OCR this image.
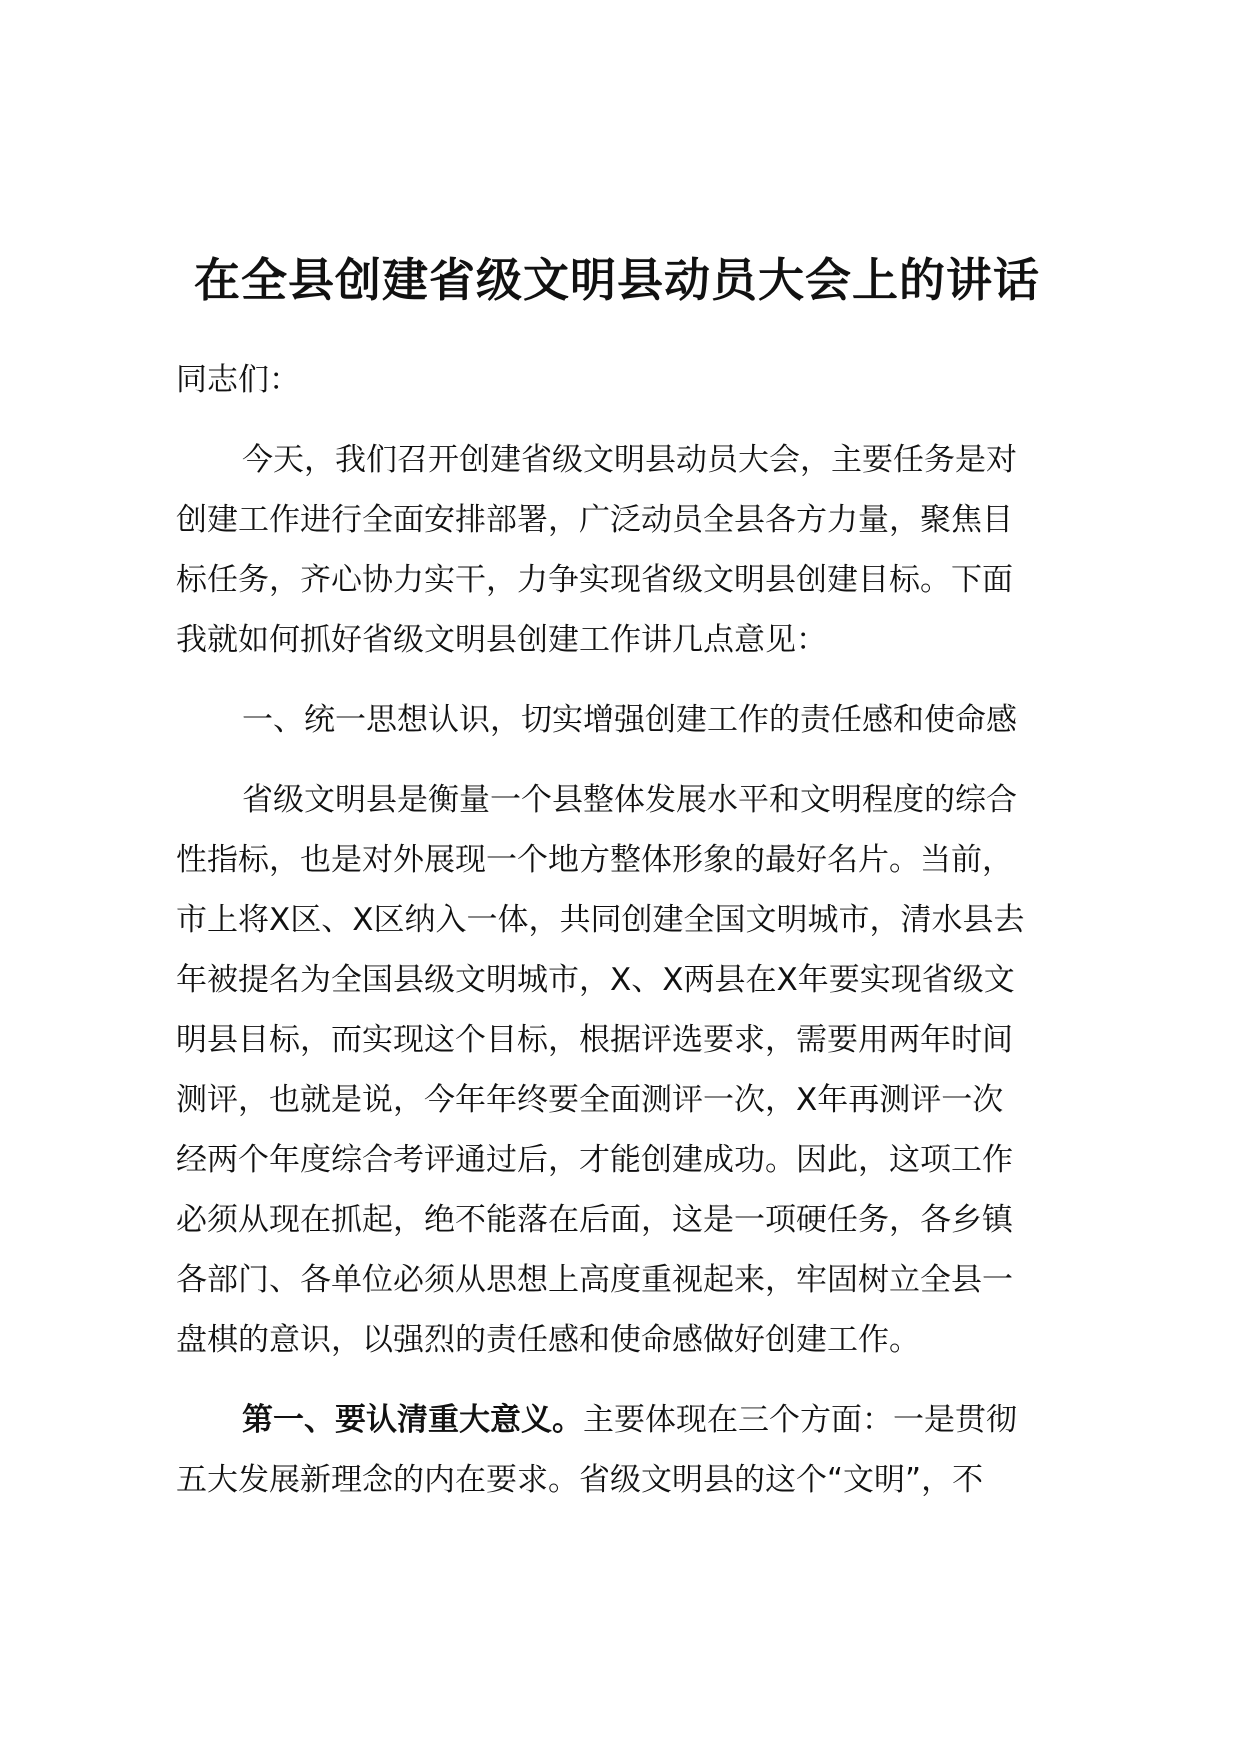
在全县创建省级文明县动员大会上的讲话
同志们：
今天，我们召开创建省级文明县动员大会，主要任务是对
创建工作进行全面安排部署，广泛动员全县各方力量，聚焦目
标任务，齐心协力实干，力争实现省级文明县创建目标。下面
我就如何抓好省级文明县创建工作讲几点意见：
一、统一思想认识，切实增强创建工作的责任感和使命感
省级文明县是衡量一个县整体发展水平和文明程度的综合
性指标，也是对外展现一个地方整体形象的最好名片。当前，
市上将X区、X区纳入一体，共同创建全国文明城市，清水县去
年被提名为全国县级文明城市，X、X两县在X年要实现省级文
明县目标，而实现这个目标，根据评选要求，需要用两年时间
测评，也就是说，今年年终要全面测评一次，X年再测评一次
经两个年度综合考评通过后，才能创建成功。因此，这项工作
必须从现在抓起，绝不能落在后面，这是一项硬任务，各乡镇
各部门、各单位必须从思想上高度重视起来，牢固树立全县一
盘棋的意识，以强烈的责任感和使命感做好创建工作。
第一、要认清重大意义。主要体现在三个方面：一是贯彻
五大发展新理念的内在要求。省级文明县的这个“文明”，不
